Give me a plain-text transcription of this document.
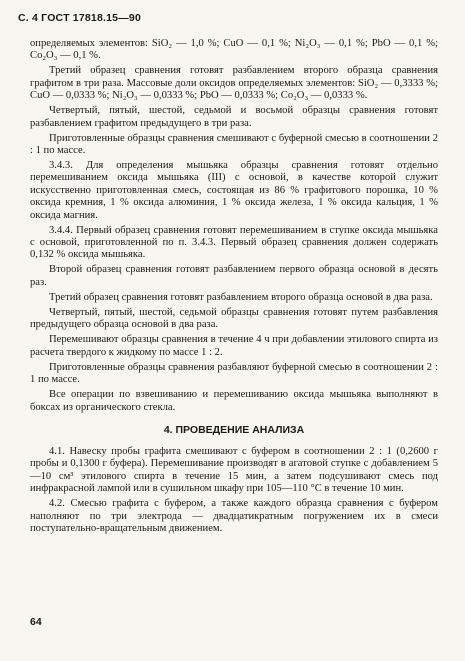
С. 4 ГОСТ 17818.15—90

определяемых элементов: SiO₂ — 1,0 %; CuO — 0,1 %; Ni₂O₃ — 0,1 %; PbO — 0,1 %; Co₂O₃ — 0,1 %.

Третий образец сравнения готовят разбавлением второго образца сравнения графитом в три раза. Массовые доли оксидов определяемых элементов: SiO₂ — 0,3333 %; CuO — 0,0333 %; Ni₂O₃ — 0,0333 %; PbO — 0,0333 %; Co₂O₃ — 0,0333 %.

Четвертый, пятый, шестой, седьмой и восьмой образцы сравнения готовят разбавлением графитом предыдущего в три раза.

Приготовленные образцы сравнения смешивают с буферной смесью в соотношении 2 : 1 по массе.

3.4.3. Для определения мышьяка образцы сравнения готовят отдельно перемешиванием оксида мышьяка (III) с основой, в качестве которой служит искусственно приготовленная смесь, состоящая из 86 % графитового порошка, 10 % оксида кремния, 1 % оксида алюминия, 1 % оксида железа, 1 % оксида кальция, 1 % оксида магния.

3.4.4. Первый образец сравнения готовят перемешиванием в ступке оксида мышьяка с основой, приготовленной по п. 3.4.3. Первый образец сравнения должен содержать 0,132 % оксида мышьяка.

Второй образец сравнения готовят разбавлением первого образца основой в десять раз.

Третий образец сравнения готовят разбавлением второго образца основой в два раза.

Четвертый, пятый, шестой, седьмой образцы сравнения готовят путем разбавления предыдущего образца основой в два раза.

Перемешивают образцы сравнения в течение 4 ч при добавлении этилового спирта из расчета твердого к жидкому по массе 1 : 2.

Приготовленные образцы сравнения разбавляют буферной смесью в соотношении 2 : 1 по массе.

Все операции по взвешиванию и перемешиванию оксида мышьяка выполняют в боксах из органического стекла.

4. ПРОВЕДЕНИЕ АНАЛИЗА

4.1. Навеску пробы графита смешивают с буфером в соотношении 2 : 1 (0,2600 г пробы и 0,1300 г буфера). Перемешивание производят в агатовой ступке с добавлением 5—10 см³ этилового спирта в течение 15 мин, а затем подсушивают смесь под инфракрасной лампой или в сушильном шкафу при 105—110 °С в течение 10 мин.

4.2. Смесью графита с буфером, а также каждого образца сравнения с буфером наполняют по три электрода — двадцатикратным погружением их в смеси поступательно-вращательным движением.

64
